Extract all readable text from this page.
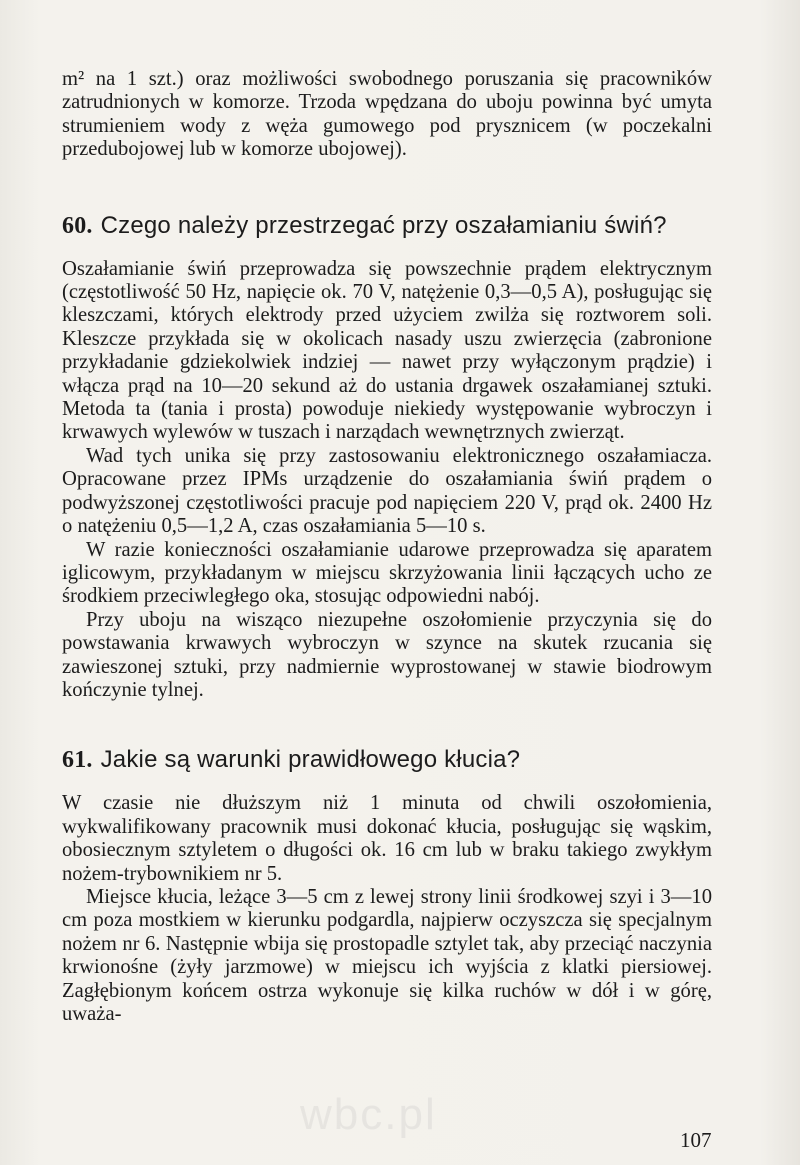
wbc.pl

m² na 1 szt.) oraz możliwości swobodnego poruszania się pracowników zatrudnionych w komorze. Trzoda wpędzana do uboju powinna być umyta strumieniem wody z węża gumowego pod prysznicem (w poczekalni przedubojowej lub w komorze ubojowej).

60. Czego należy przestrzegać przy oszałamianiu świń?

Oszałamianie świń przeprowadza się powszechnie prądem elektrycznym (częstotliwość 50 Hz, napięcie ok. 70 V, natężenie 0,3—0,5 A), posługując się kleszczami, których elektrody przed użyciem zwilża się roztworem soli. Kleszcze przykłada się w okolicach nasady uszu zwierzęcia (zabronione przykładanie gdziekolwiek indziej — nawet przy wyłączonym prądzie) i włącza prąd na 10—20 sekund aż do ustania drgawek oszałamianej sztuki. Metoda ta (tania i prosta) powoduje niekiedy występowanie wybroczyn i krwawych wylewów w tuszach i narządach wewnętrznych zwierząt.

Wad tych unika się przy zastosowaniu elektronicznego oszałamiacza. Opracowane przez IPMs urządzenie do oszałamiania świń prądem o podwyższonej częstotliwości pracuje pod napięciem 220 V, prąd ok. 2400 Hz o natężeniu 0,5—1,2 A, czas oszałamiania 5—10 s.

W razie konieczności oszałamianie udarowe przeprowadza się aparatem iglicowym, przykładanym w miejscu skrzyżowania linii łączących ucho ze środkiem przeciwległego oka, stosując odpowiedni nabój.

Przy uboju na wisząco niezupełne oszołomienie przyczynia się do powstawania krwawych wybroczyn w szynce na skutek rzucania się zawieszonej sztuki, przy nadmiernie wyprostowanej w stawie biodrowym kończynie tylnej.

61. Jakie są warunki prawidłowego kłucia?

W czasie nie dłuższym niż 1 minuta od chwili oszołomienia, wykwalifikowany pracownik musi dokonać kłucia, posługując się wąskim, obosiecznym sztyletem o długości ok. 16 cm lub w braku takiego zwykłym nożem-trybownikiem nr 5.

Miejsce kłucia, leżące 3—5 cm z lewej strony linii środkowej szyi i 3—10 cm poza mostkiem w kierunku podgardla, najpierw oczyszcza się specjalnym nożem nr 6. Następnie wbija się prostopadle sztylet tak, aby przeciąć naczynia krwionośne (żyły jarzmowe) w miejscu ich wyjścia z klatki piersiowej. Zagłębionym końcem ostrza wykonuje się kilka ruchów w dół i w górę, uważa-

107
